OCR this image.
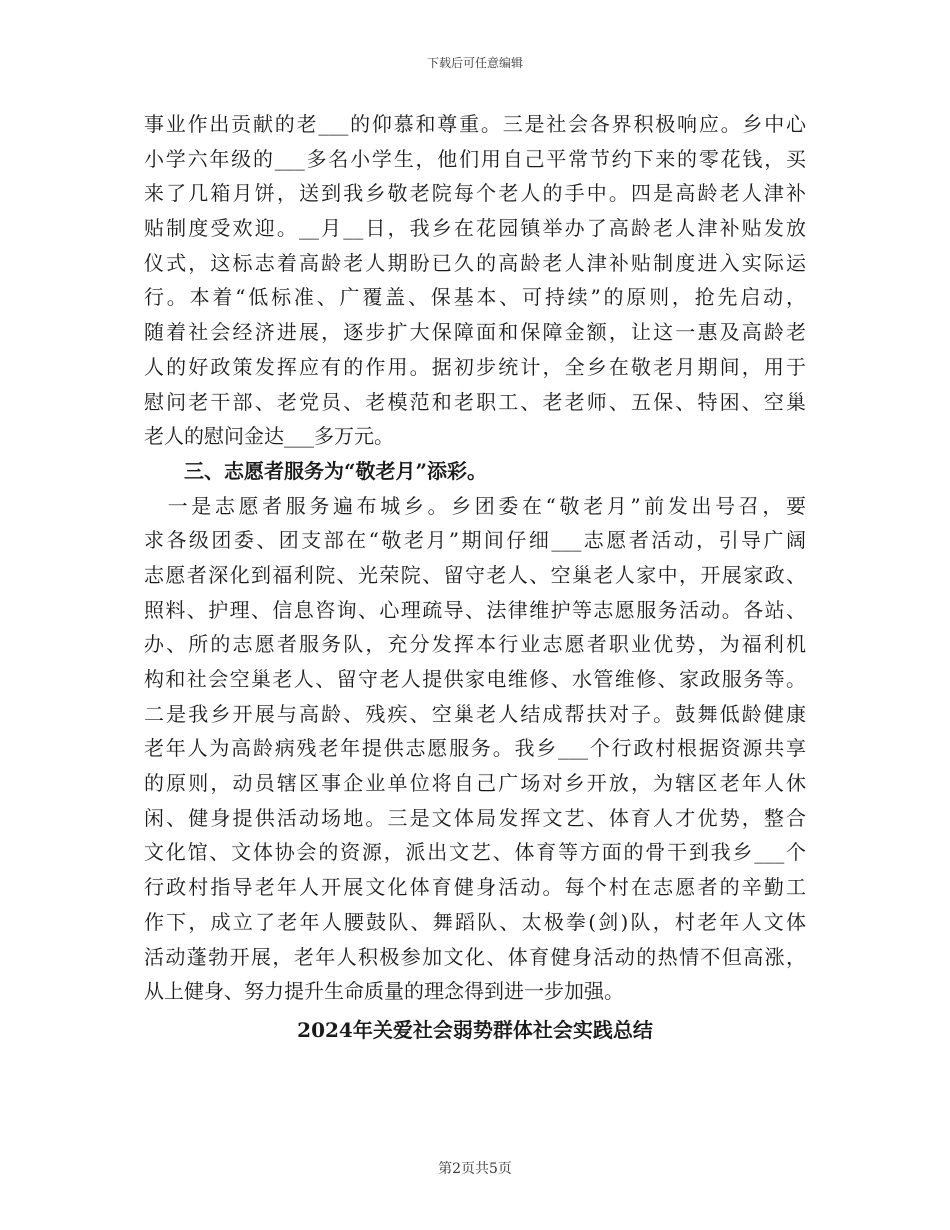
下载后可任意编辑
事业作出贡献的老___的仰慕和尊重。三是社会各界积极响应。乡中心
小学六年级的___多名小学生，他们用自己平常节约下来的零花钱，买
来了几箱月饼，送到我乡敬老院每个老人的手中。四是高龄老人津补
贴制度受欢迎。__月__日，我乡在花园镇举办了高龄老人津补贴发放
仪式，这标志着高龄老人期盼已久的高龄老人津补贴制度进入实际运
行。本着“低标准、广覆盖、保基本、可持续”的原则，抢先启动，
随着社会经济进展，逐步扩大保障面和保障金额，让这一惠及高龄老
人的好政策发挥应有的作用。据初步统计，全乡在敬老月期间，用于
慰问老干部、老党员、老模范和老职工、老老师、五保、特困、空巢
老人的慰问金达___多万元。
三、志愿者服务为“敬老月”添彩。
　一是志愿者服务遍布城乡。乡团委在“敬老月”前发出号召，要
求各级团委、团支部在“敬老月”期间仔细___志愿者活动，引导广阔
志愿者深化到福利院、光荣院、留守老人、空巢老人家中，开展家政、
照料、护理、信息咨询、心理疏导、法律维护等志愿服务活动。各站、
办、所的志愿者服务队，充分发挥本行业志愿者职业优势，为福利机
构和社会空巢老人、留守老人提供家电维修、水管维修、家政服务等。
二是我乡开展与高龄、残疾、空巢老人结成帮扶对子。鼓舞低龄健康
老年人为高龄病残老年提供志愿服务。我乡___个行政村根据资源共享
的原则，动员辖区事企业单位将自己广场对乡开放，为辖区老年人休
闲、健身提供活动场地。三是文体局发挥文艺、体育人才优势，整合
文化馆、文体协会的资源，派出文艺、体育等方面的骨干到我乡___个
行政村指导老年人开展文化体育健身活动。每个村在志愿者的辛勤工
作下，成立了老年人腰鼓队、舞蹈队、太极拳(剑)队，村老年人文体
活动蓬勃开展，老年人积极参加文化、体育健身活动的热情不但高涨，
从上健身、努力提升生命质量的理念得到进一步加强。
2024年关爱社会弱势群体社会实践总结
第2页共5页
